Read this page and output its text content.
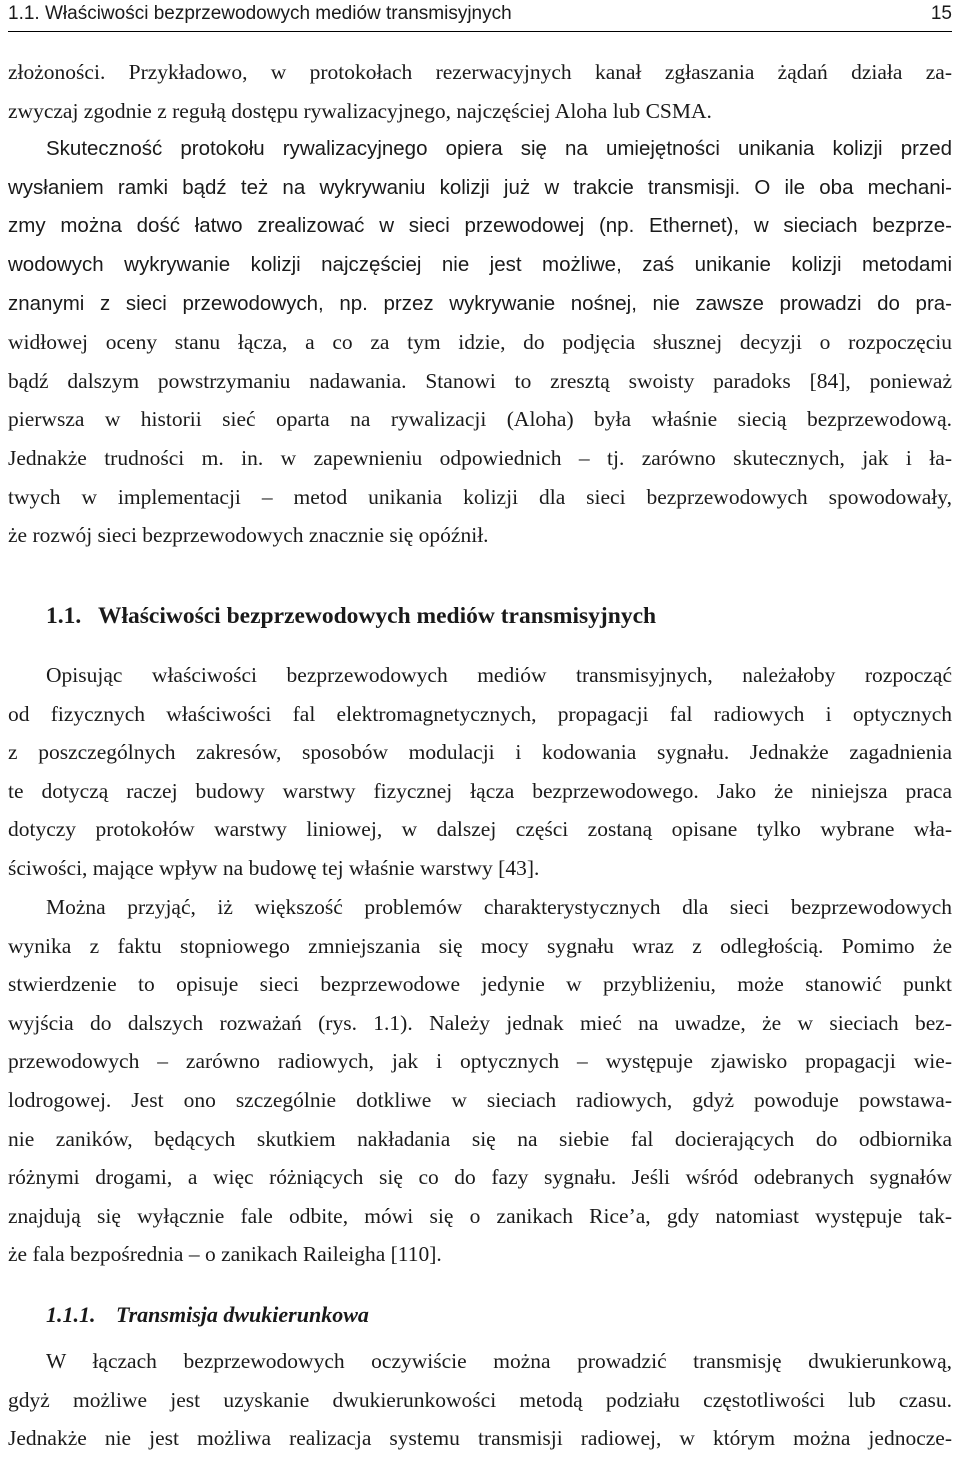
1.1. Właściwości bezprzewodowych mediów transmisyjnych	15
złożoności. Przykładowo, w protokołach rezerwacyjnych kanał zgłaszania żądań działa za-
zwyczaj zgodnie z regułą dostępu rywalizacyjnego, najczęściej Aloha lub CSMA.
Skuteczność protokołu rywalizacyjnego opiera się na umiejętności unikania kolizji przed
wysłaniem ramki bądź też na wykrywaniu kolizji już w trakcie transmisji. O ile oba mechani-
zmy można dość łatwo zrealizować w sieci przewodowej (np. Ethernet), w sieciach bezprze-
wodowych wykrywanie kolizji najczęściej nie jest możliwe, zaś unikanie kolizji metodami
znanymi z sieci przewodowych, np. przez wykrywanie nośnej, nie zawsze prowadzi do pra-
widłowej oceny stanu łącza, a co za tym idzie, do podjęcia słusznej decyzji o rozpoczęciu
bądź dalszym powstrzymaniu nadawania. Stanowi to zresztą swoisty paradoks [84], ponieważ
pierwsza w historii sieć oparta na rywalizacji (Aloha) była właśnie siecią bezprzewodową.
Jednakże trudności m. in. w zapewnieniu odpowiednich – tj. zarówno skutecznych, jak i ła-
twych w implementacji – metod unikania kolizji dla sieci bezprzewodowych spowodowały,
że rozwój sieci bezprzewodowych znacznie się opóźnił.
1.1. Właściwości bezprzewodowych mediów transmisyjnych
Opisując właściwości bezprzewodowych mediów transmisyjnych, należałoby rozpocząć
od fizycznych właściwości fal elektromagnetycznych, propagacji fal radiowych i optycznych
z poszczególnych zakresów, sposobów modulacji i kodowania sygnału. Jednakże zagadnienia
te dotyczą raczej budowy warstwy fizycznej łącza bezprzewodowego. Jako że niniejsza praca
dotyczy protokołów warstwy liniowej, w dalszej części zostaną opisane tylko wybrane wła-
ściwości, mające wpływ na budowę tej właśnie warstwy [43].
Można przyjąć, iż większość problemów charakterystycznych dla sieci bezprzewodowych
wynika z faktu stopniowego zmniejszania się mocy sygnału wraz z odległością. Pomimo że
stwierdzenie to opisuje sieci bezprzewodowe jedynie w przybliżeniu, może stanowić punkt
wyjścia do dalszych rozważań (rys. 1.1). Należy jednak mieć na uwadze, że w sieciach bez-
przewodowych – zarówno radiowych, jak i optycznych – występuje zjawisko propagacji wie-
lodrogowej. Jest ono szczególnie dotkliwe w sieciach radiowych, gdyż powoduje powstawa-
nie zaników, będących skutkiem nakładania się na siebie fal docierających do odbiornika
różnymi drogami, a więc różniących się co do fazy sygnału. Jeśli wśród odebranych sygnałów
znajdują się wyłącznie fale odbite, mówi się o zanikach Rice’a, gdy natomiast występuje tak-
że fala bezpośrednia – o zanikach Raileigha [110].
1.1.1. Transmisja dwukierunkowa
W łączach bezprzewodowych oczywiście można prowadzić transmisję dwukierunkową,
gdyż możliwe jest uzyskanie dwukierunkowości metodą podziału częstotliwości lub czasu.
Jednakże nie jest możliwa realizacja systemu transmisji radiowej, w którym można jednocze-
